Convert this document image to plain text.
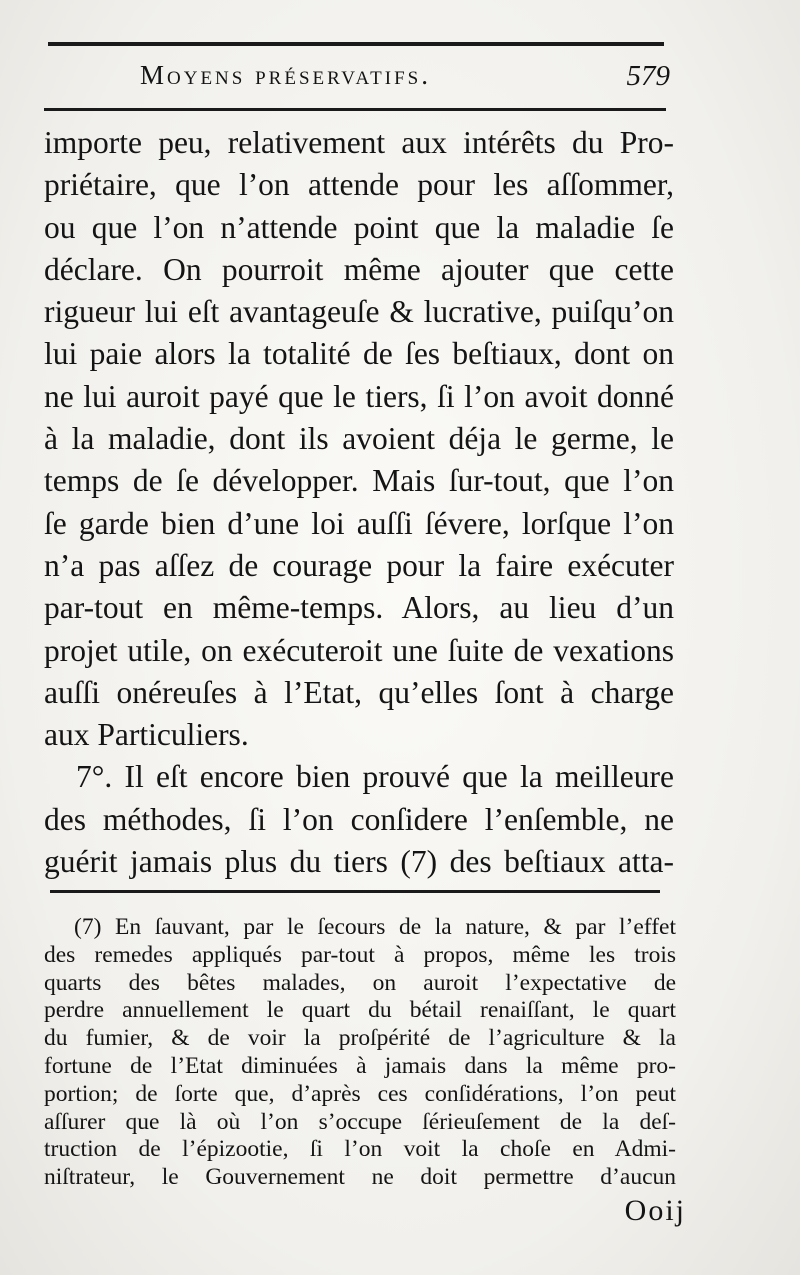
Moyens préservatifs.	579
importe peu, relativement aux intérêts du Pro-
priétaire, que l’on attende pour les aſſommer,
ou que l’on n’attende point que la maladie ſe
déclare. On pourroit même ajouter que cette
rigueur lui eſt avantageuſe & lucrative, puiſqu’on
lui paie alors la totalité de ſes beſtiaux, dont on
ne lui auroit payé que le tiers, ſi l’on avoit donné
à la maladie, dont ils avoient déja le germe, le
temps de ſe développer. Mais ſur-tout, que l’on
ſe garde bien d’une loi auſſi ſévere, lorſque l’on
n’a pas aſſez de courage pour la faire exécuter
par-tout en même-temps. Alors, au lieu d’un
projet utile, on exécuteroit une ſuite de vexations
auſſi onéreuſes à l’Etat, qu’elles ſont à charge
aux Particuliers.
7°. Il eſt encore bien prouvé que la meilleure
des méthodes, ſi l’on conſidere l’enſemble, ne
guérit jamais plus du tiers (7) des beſtiaux atta-
(7) En ſauvant, par le ſecours de la nature, & par l’effet
des remedes appliqués par-tout à propos, même les trois
quarts des bêtes malades, on auroit l’expectative de
perdre annuellement le quart du bétail renaiſſant, le quart
du fumier, & de voir la proſpérité de l’agriculture & la
fortune de l’Etat diminuées à jamais dans la même pro-
portion; de ſorte que, d’après ces conſidérations, l’on peut
aſſurer que là où l’on s’occupe ſérieuſement de la deſ-
truction de l’épizootie, ſi l’on voit la choſe en Admi-
niſtrateur, le Gouvernement ne doit permettre d’aucun
Ooij
